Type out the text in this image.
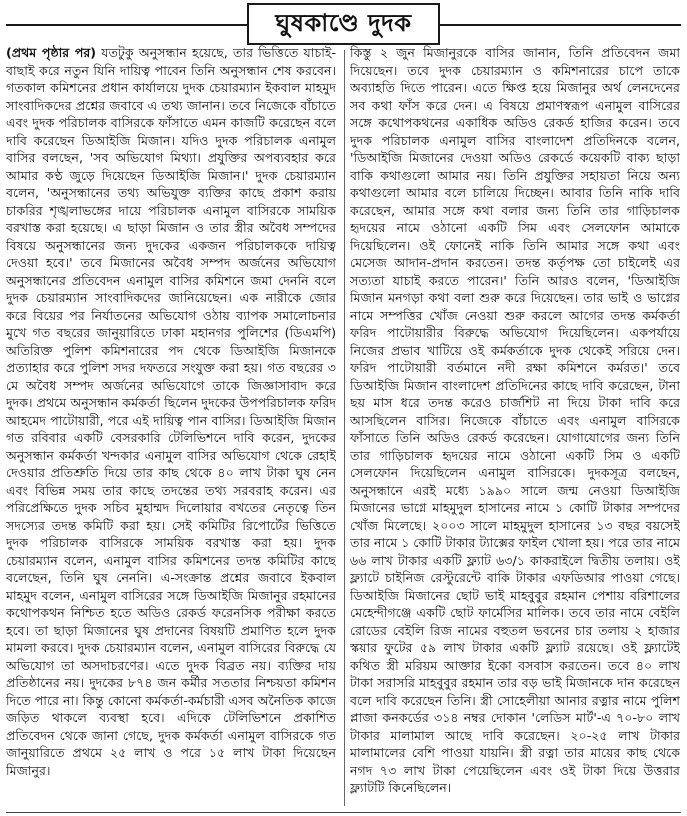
ঘুষকাণ্ডে দুদক

(প্রথম পৃষ্ঠার পর) যতটুকু অনুসন্ধান হয়েছে, তার ভিত্তিতে যাচাই-বাছাই করে নতুন যিনি দায়িত্ব পাবেন তিনি অনুসন্ধান শেষ করবেন। গতকাল কমিশনের প্রধান কার্যালয়ে দুদক চেয়ারম্যান ইকবাল মাহমুদ সাংবাদিকদের প্রশ্নের জবাবে এ তথ্য জানান। তবে নিজেকে বাঁচাতে এবং দুদক পরিচালক বাসিরকে ফাঁসাতে এমন কাজটি করেছেন বলে দাবি করেছেন ডিআইজি মিজান। যদিও দুদক পরিচালক এনামুল বাসির বলছেন, 'সব অভিযোগ মিথ্যা। প্রযুক্তির অপব্যবহার করে আমার কণ্ঠ জুড়ে দিয়েছেন ডিআইজি মিজান।' দুদক চেয়ারম্যান বলেন, 'অনুসন্ধানের তথ্য অভিযুক্ত ব্যক্তির কাছে প্রকাশ করায় চাকরির শৃঙ্খলাভঙ্গের দায়ে পরিচালক এনামুল বাসিরকে সাময়িক বরখাস্ত করা হয়েছে। এ ছাড়া মিজান ও তার স্ত্রীর অবৈধ সম্পদের বিষয়ে অনুসন্ধানের জন্য দুদকের একজন পরিচালককে দায়িত্ব দেওয়া হবে।' তবে মিজানের অবৈধ সম্পদ অর্জনের অভিযোগ অনুসন্ধানের প্রতিবেদন এনামুল বাসির কমিশনে জমা দেননি বলে দুদক চেয়ারম্যান সাংবাদিকদের জানিয়েছেন। এক নারীকে জোর করে বিয়ের পর নির্যাতনের অভিযোগ ওঠায় ব্যাপক সমালোচনার মুখে গত বছরের জানুয়ারিতে ঢাকা মহানগর পুলিশের (ডিএমপি) অতিরিক্ত পুলিশ কমিশনারের পদ থেকে ডিআইজি মিজানকে প্রত্যাহার করে পুলিশ সদর দফতরে সংযুক্ত করা হয়। গত বছরের ৩ মে অবৈধ সম্পদ অর্জনের অভিযোগে তাকে জিজ্ঞাসাবাদ করে দুদক। প্রথমে অনুসন্ধান কর্মকর্তা ছিলেন দুদকের উপপরিচালক ফরিদ আহমেদ পাটোয়ারী, পরে এই দায়িত্ব পান বাসির। ডিআইজি মিজান গত রবিবার একটি বেসরকারি টেলিভিশনে দাবি করেন, দুদকের অনুসন্ধান কর্মকর্তা খন্দকার এনামুল বাসির অভিযোগ থেকে রেহাই দেওয়ার প্রতিশ্রুতি দিয়ে তার কাছ থেকে ৪০ লাখ টাকা ঘুষ নেন এবং বিভিন্ন সময় তার কাছে তদন্তের তথ্য সরবরাহ করেন। এর পরিপ্রেক্ষিতে দুদক সচিব মুহাম্মদ দিলোয়ার বখতের নেতৃত্বে তিন সদস্যের তদন্ত কমিটি করা হয়। সেই কমিটির রিপোর্টের ভিত্তিতে দুদক পরিচালক বাসিরকে সাময়িক বরখাস্ত করা হয়। দুদক চেয়ারম্যান বলেন, এনামুল বাসির কমিশনের তদন্ত কমিটির কাছে বলেছেন, তিনি ঘুষ নেননি। এ-সংক্রান্ত প্রশ্নের জবাবে ইকবাল মাহমুদ বলেন, এনামুল বাসিরের সঙ্গে ডিআইজি মিজানুর রহমানের কথোপকথন নিশ্চিত হতে অডিও রেকর্ড ফরেনসিক পরীক্ষা করতে হবে। তা ছাড়া মিজানের ঘুষ প্রদানের বিষয়টি প্রমাণিত হলে দুদক মামলা করবে। দুদক চেয়ারম্যান বলেন, এনামুল বাসিরের বিরুদ্ধে যে অভিযোগ তা অসদাচরণের। এতে দুদক বিব্রত নয়। ব্যক্তির দায় প্রতিষ্ঠানের নয়। দুদকের ৮৭৪ জন কর্মীর সততার নিশ্চয়তা কমিশন দিতে পারে না। কিন্তু কোনো কর্মকর্তা-কর্মচারী এসব অনৈতিক কাজে জড়িত থাকলে ব্যবস্থা হবে। এদিকে টেলিভিশনে প্রকাশিত প্রতিবেদন থেকে জানা গেছে, দুদক কর্মকর্তা এনামুল বাসিরকে গত জানুয়ারিতে প্রথমে ২৫ লাখ ও পরে ১৫ লাখ টাকা দিয়েছেন মিজানুর।

কিস্তু ২ জুন মিজানুরকে বাসির জানান, তিনি প্রতিবেদন জমা দিয়েছেন। তবে দুদক চেয়ারম্যান ও কমিশনারের চাপে তাকে অব্যাহতি দিতে পারেন। এতে ক্ষিপ্ত হয়ে মিজানুর অর্থ লেনদেনের সব কথা ফাঁস করে দেন। এ বিষয়ে প্রমাণস্বরূপ এনামুল বাসিরের সঙ্গে কথোপকথনের একাধিক অডিও রেকর্ড হাজির করেন। তবে দুদক পরিচালক এনামুল বাসির বাংলাদেশ প্রতিদিনকে বলেন, 'ডিআইজি মিজানের দেওয়া অডিও রেকর্ডে কয়েকটি বাক্য ছাড়া বাকি কথাগুলো আমার নয়। তিনি প্রযুক্তির সহায়তা নিয়ে অন্য কথাগুলো আমার বলে চালিয়ে দিচ্ছেন। আবার তিনি নাকি দাবি করেছেন, আমার সঙ্গে কথা বলার জন্য তিনি তার গাড়িচালক হৃদয়ের নামে ওঠানো একটি সিম এবং সেলফোন আমাকে দিয়েছিলেন। ওই ফোনেই নাকি তিনি আমার সঙ্গে কথা এবং মেসেজ আদান-প্রদান করতেন। তদন্ত কর্তৃপক্ষ তো চাইলেই এর সত্যতা যাচাই করতে পারেন।' তিনি আরও বলেন, 'ডিআইজি মিজান মনগড়া কথা বলা শুরু করে দিয়েছেন। তার ভাই ও ভাগ্নের নামে সম্পত্তির খোঁজ নেওয়া শুরু করলে আগের তদন্ত কর্মকর্তা ফরিদ পাটোয়ারীর বিরুদ্ধে অভিযোগ দিয়েছিলেন। একপর্যায়ে নিজের প্রভাব খাটিয়ে ওই কর্মকর্তাকে দুদক থেকেই সরিয়ে দেন। ফরিদ পাটোয়ারী বর্তমানে নদী রক্ষা কমিশনে কর্মরত।' তবে ডিআইজি মিজান বাংলাদেশ প্রতিদিনের কাছে দাবি করেছেন, টানা ছয় মাস ধরে তদন্ত করেও চার্জশিট না দিয়ে টাকা দাবি করে আসছিলেন বাসির। নিজেকে বাঁচাতে এবং এনামুল বাসিরকে ফাঁসাতে তিনি অডিও রেকর্ড করেছেন। যোগাযোগের জন্য তিনি তার গাড়িচালক হৃদয়ের নামে ওঠানো একটি সিম ও একটি সেলফোন দিয়েছিলেন এনামুল বাসিরকে। দুদকসূত্র বলছেন, অনুসন্ধানে এরই মধ্যে ১৯৯০ সালে জন্ম নেওয়া ডিআইজি মিজানের ভাগ্নে মাহমুদুল হাসানের নামে ১ কোটি টাকার সম্পদের খোঁজ মিলেছে। ২০০৩ সালে মাহমুদুল হাসানের ১৩ বছর বয়সেই তার নামে ১ কোটি টাকার ট্যাক্সের ফাইল খোলা হয়। পরে তার নামে ৬৬ লাখ টাকার একটি ফ্ল্যাট ৬৩/১ কাকরাইলে দ্বিতীয় তলায়। ওই ফ্ল্যাটে চাইনিজ রেস্টুরেন্টে বাকি টাকার এফডিআর পাওয়া গেছে। ডিআইজি মিজানের ছোট ভাই মাহবুবুর রহমান পেশায় বরিশালের মেহেন্দীগঞ্জে একটি ছোট ফার্মেসির মালিক। তবে তার নামে বেইলি রোডের বেইলি রিজ নামের বহুতল ভবনের চার তলায় ২ হাজার স্কয়ার ফুটের ৫৯ লাখ টাকার একটি ফ্ল্যাট রয়েছে। ওই ফ্ল্যাটেই কথিত স্ত্রী মরিয়ম আক্তার ইকো বসবাস করতেন। তবে ৪০ লাখ টাকা সরাসরি মাহবুবুর রহমান তার বড় ভাই মিজানকে দান করেছেন বলে দাবি করেছেন তিনি। স্ত্রী সোহেলীয়া আনার রত্নার নামে পুলিশ প্লাজা কনকর্ডের ৩১৪ নম্বর দোকান 'লেডিস মার্ট'-এ ৭০-৮০ লাখ টাকার মালামাল আছে দাবি করেছেন। ২০-২৫ লাখ টাকার মালামালের বেশি পাওয়া যায়নি। স্ত্রী রত্না তার মায়ের কাছ থেকে নগদ ৭৩ লাখ টাকা পেয়েছিলেন এবং ওই টাকা দিয়ে উত্তরার ফ্ল্যাটটি কিনেছিলেন।
